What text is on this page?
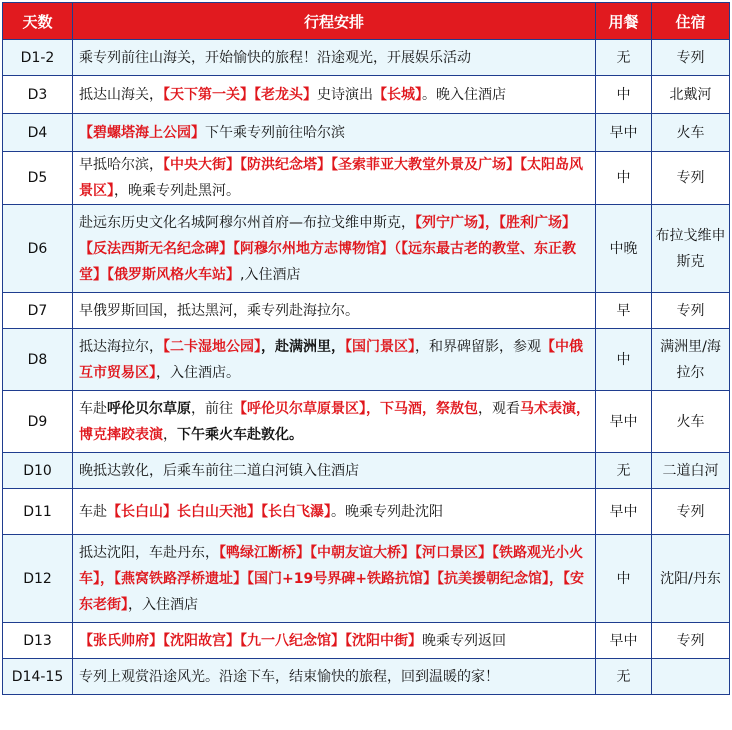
天数	行程安排	用餐	住宿
D1-2	乘专列前往山海关，开始愉快的旅程！沿途观光，开展娱乐活动	无	专列
D3	抵达山海关，【天下第一关】【老龙头】史诗演出【长城】。晚入住酒店	中	北戴河
D4	【碧螺塔海上公园】下午乘专列前往哈尔滨	早中	火车
D5	早抵哈尔滨，【中央大街】【防洪纪念塔】【圣索菲亚大教堂外景及广场】【太阳岛风景区】，晚乘专列赴黑河。	中	专列
D6	赴远东历史文化名城阿穆尔州首府—布拉戈维申斯克，【列宁广场】，【胜利广场】【反法西斯无名纪念碑】【阿穆尔州地方志博物馆】（【远东最古老的教堂、东正教堂】【俄罗斯风格火车站】,入住酒店	中晚	布拉戈维申斯克
D7	早俄罗斯回国，抵达黑河，乘专列赴海拉尔。	早	专列
D8	抵达海拉尔，【二卡湿地公园】，赴满洲里，【国门景区】，和界碑留影，参观【中俄互市贸易区】，入住酒店。	中	满洲里/海拉尔
D9	车赴呼伦贝尔草原，前往【呼伦贝尔草原景区】，下马酒，祭敖包，观看马术表演，博克摔跤表演，下午乘火车赴敦化。	早中	火车
D10	晚抵达敦化，后乘车前往二道白河镇入住酒店	无	二道白河
D11	车赴【长白山】长白山天池】【长白飞瀑】。晚乘专列赴沈阳	早中	专列
D12	抵达沈阳，车赴丹东，【鸭绿江断桥】【中朝友谊大桥】【河口景区】【铁路观光小火车】，【燕窝铁路浮桥遗址】【国门+19号界碑+铁路抗馆】【抗美援朝纪念馆】，【安东老街】，入住酒店	中	沈阳/丹东
D13	【张氏帅府】【沈阳故宫】【九一八纪念馆】【沈阳中街】晚乘专列返回	早中	专列
D14-15	专列上观赏沿途风光。沿途下车，结束愉快的旅程，回到温暖的家！	无	
